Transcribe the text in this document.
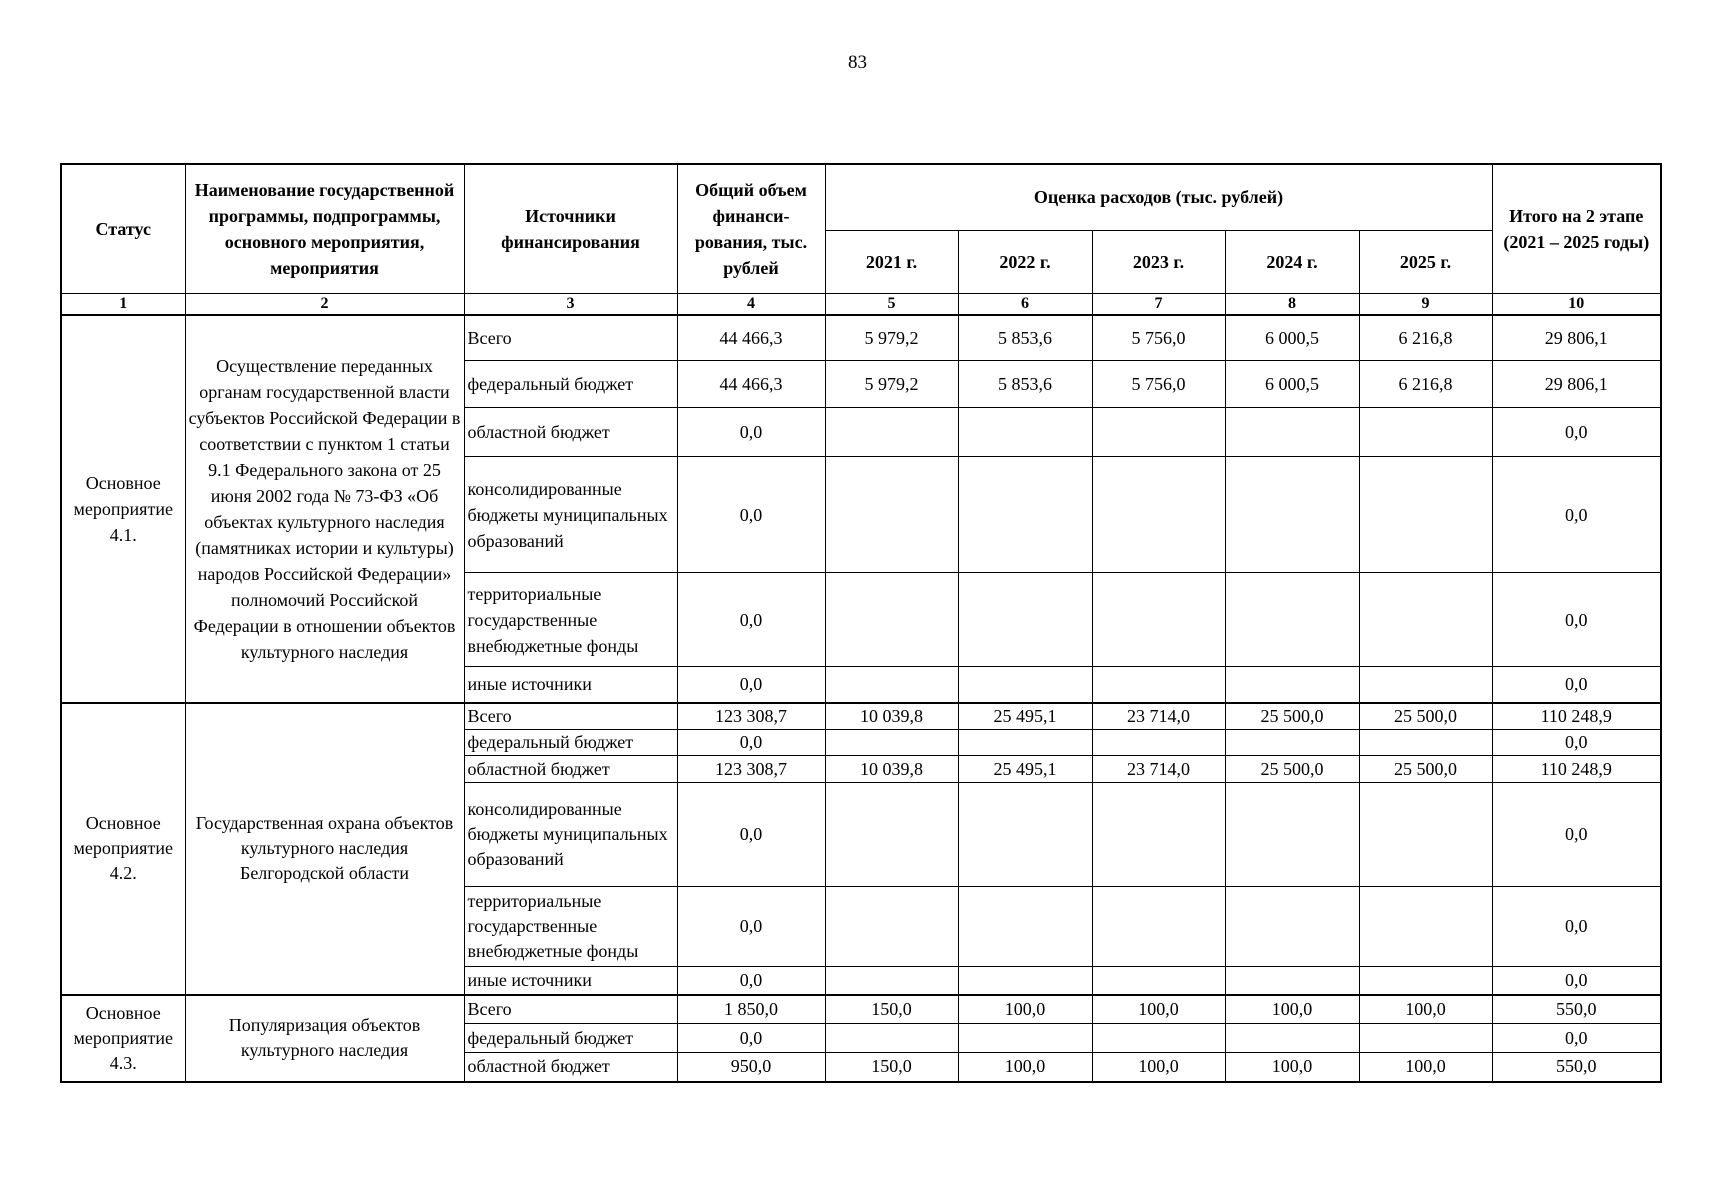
83
Статус	Наименование государственной программы, подпрограммы, основного мероприятия, мероприятия	Источники финансирования	Общий объем финанси-рования, тыс. рублей	Оценка расходов (тыс. рублей)					Итого на 2 этапе (2021 – 2025 годы)
				2021 г.	2022 г.	2023 г.	2024 г.	2025 г.	
1	2	3	4	5	6	7	8	9	10
Основное мероприятие 4.1.	Осуществление переданных органам государственной власти субъектов Российской Федерации в соответствии с пунктом 1 статьи 9.1 Федерального закона от 25 июня 2002 года № 73-ФЗ «Об объектах культурного наследия (памятниках истории и культуры) народов Российской Федерации» полномочий Российской Федерации в отношении объектов культурного наследия	Всего	44 466,3	5 979,2	5 853,6	5 756,0	6 000,5	6 216,8	29 806,1
		федеральный бюджет	44 466,3	5 979,2	5 853,6	5 756,0	6 000,5	6 216,8	29 806,1
		областной бюджет	0,0						0,0
		консолидированные бюджеты муниципальных образований	0,0						0,0
		территориальные государственные внебюджетные фонды	0,0						0,0
		иные источники	0,0						0,0
Основное мероприятие 4.2.	Государственная охрана объектов культурного наследия Белгородской области	Всего	123 308,7	10 039,8	25 495,1	23 714,0	25 500,0	25 500,0	110 248,9
		федеральный бюджет	0,0						0,0
		областной бюджет	123 308,7	10 039,8	25 495,1	23 714,0	25 500,0	25 500,0	110 248,9
		консолидированные бюджеты муниципальных образований	0,0						0,0
		территориальные государственные внебюджетные фонды	0,0						0,0
		иные источники	0,0						0,0
Основное мероприятие 4.3.	Популяризация объектов культурного наследия	Всего	1 850,0	150,0	100,0	100,0	100,0	100,0	550,0
		федеральный бюджет	0,0						0,0
		областной бюджет	950,0	150,0	100,0	100,0	100,0	100,0	550,0
